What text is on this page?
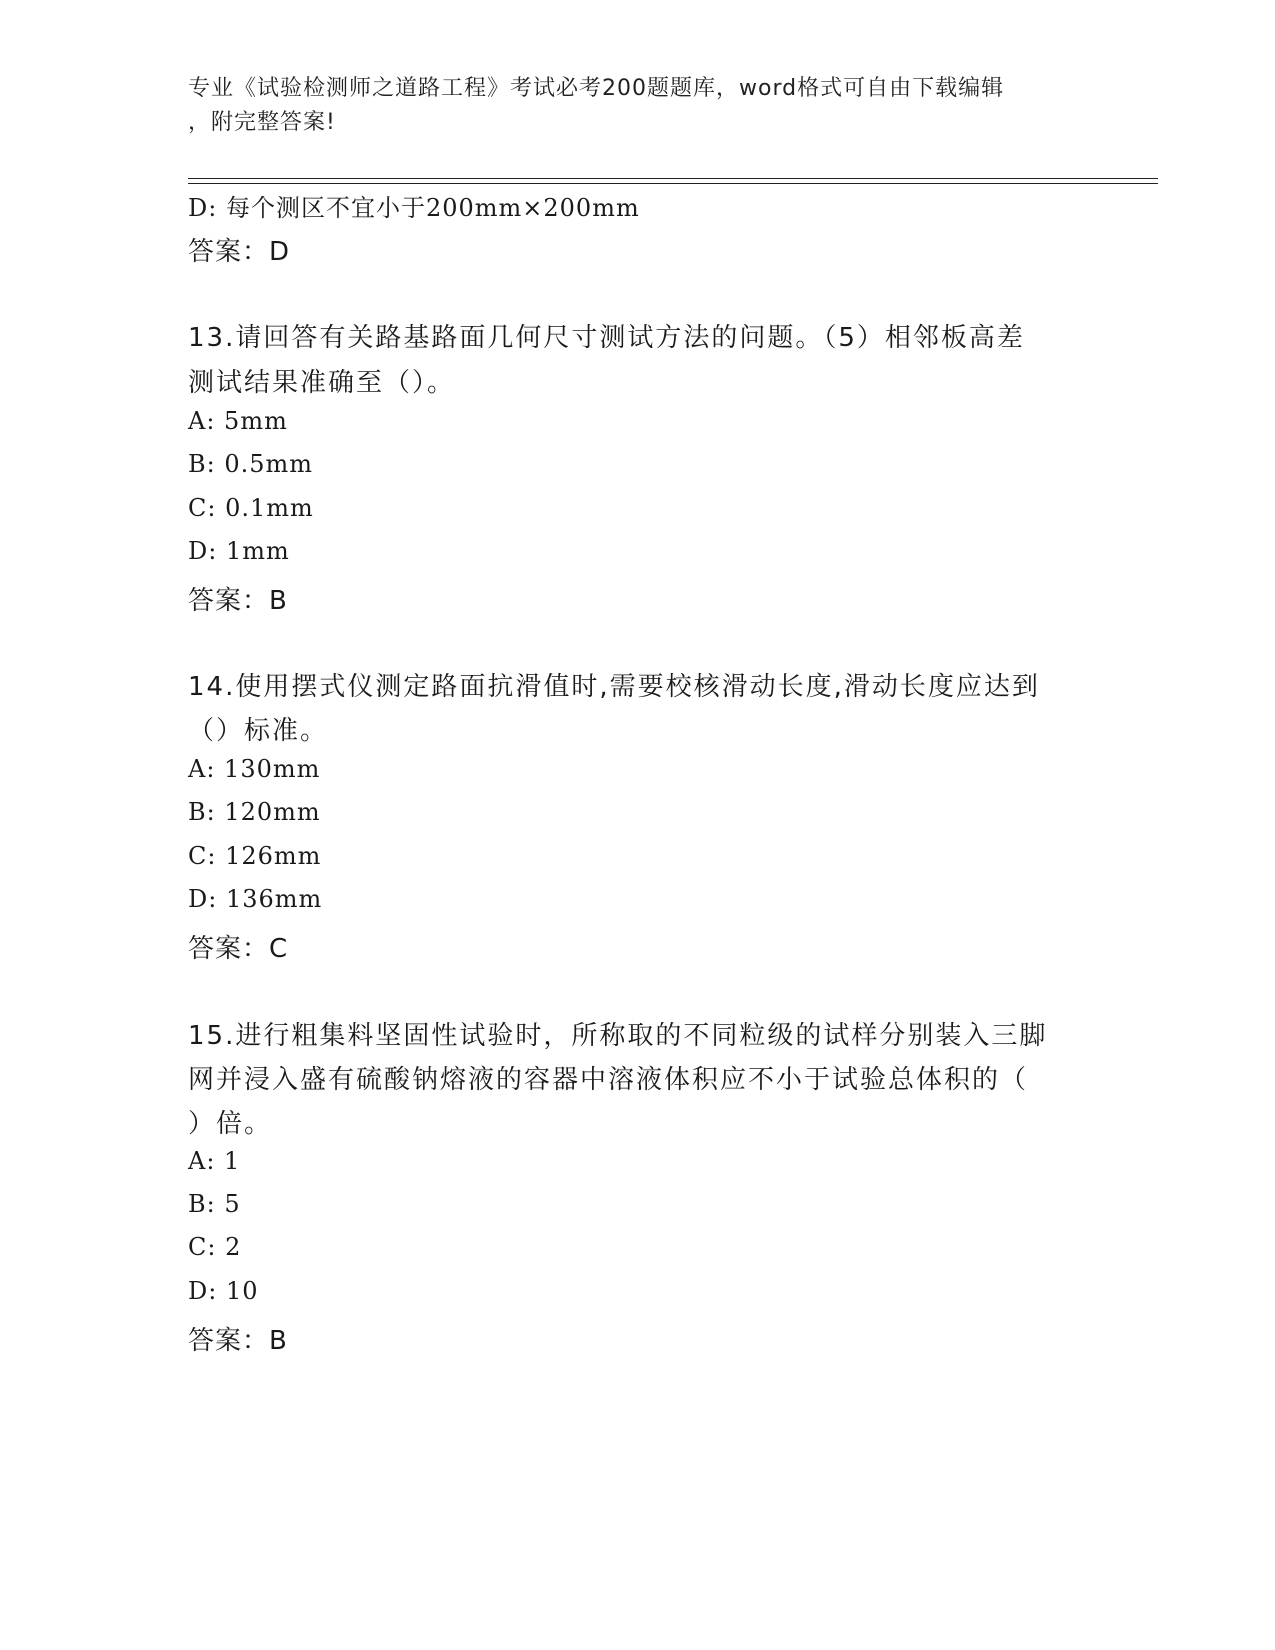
专业《试验检测师之道路工程》考试必考200题题库，word格式可自由下载编辑
，附完整答案!
D: 每个测区不宜小于200mm×200mm
答案：D
13.请回答有关路基路面几何尺寸测试方法的问题。（5）相邻板高差
测试结果准确至（）。
A: 5mm
B: 0.5mm
C: 0.1mm
D: 1mm
答案：B
14.使用摆式仪测定路面抗滑值时,需要校核滑动长度,滑动长度应达到
（）标准。
A: 130mm
B: 120mm
C: 126mm
D: 136mm
答案：C
15.进行粗集料坚固性试验时，所称取的不同粒级的试样分别装入三脚
网并浸入盛有硫酸钠熔液的容器中溶液体积应不小于试验总体积的（
）倍。
A: 1
B: 5
C: 2
D: 10
答案：B
